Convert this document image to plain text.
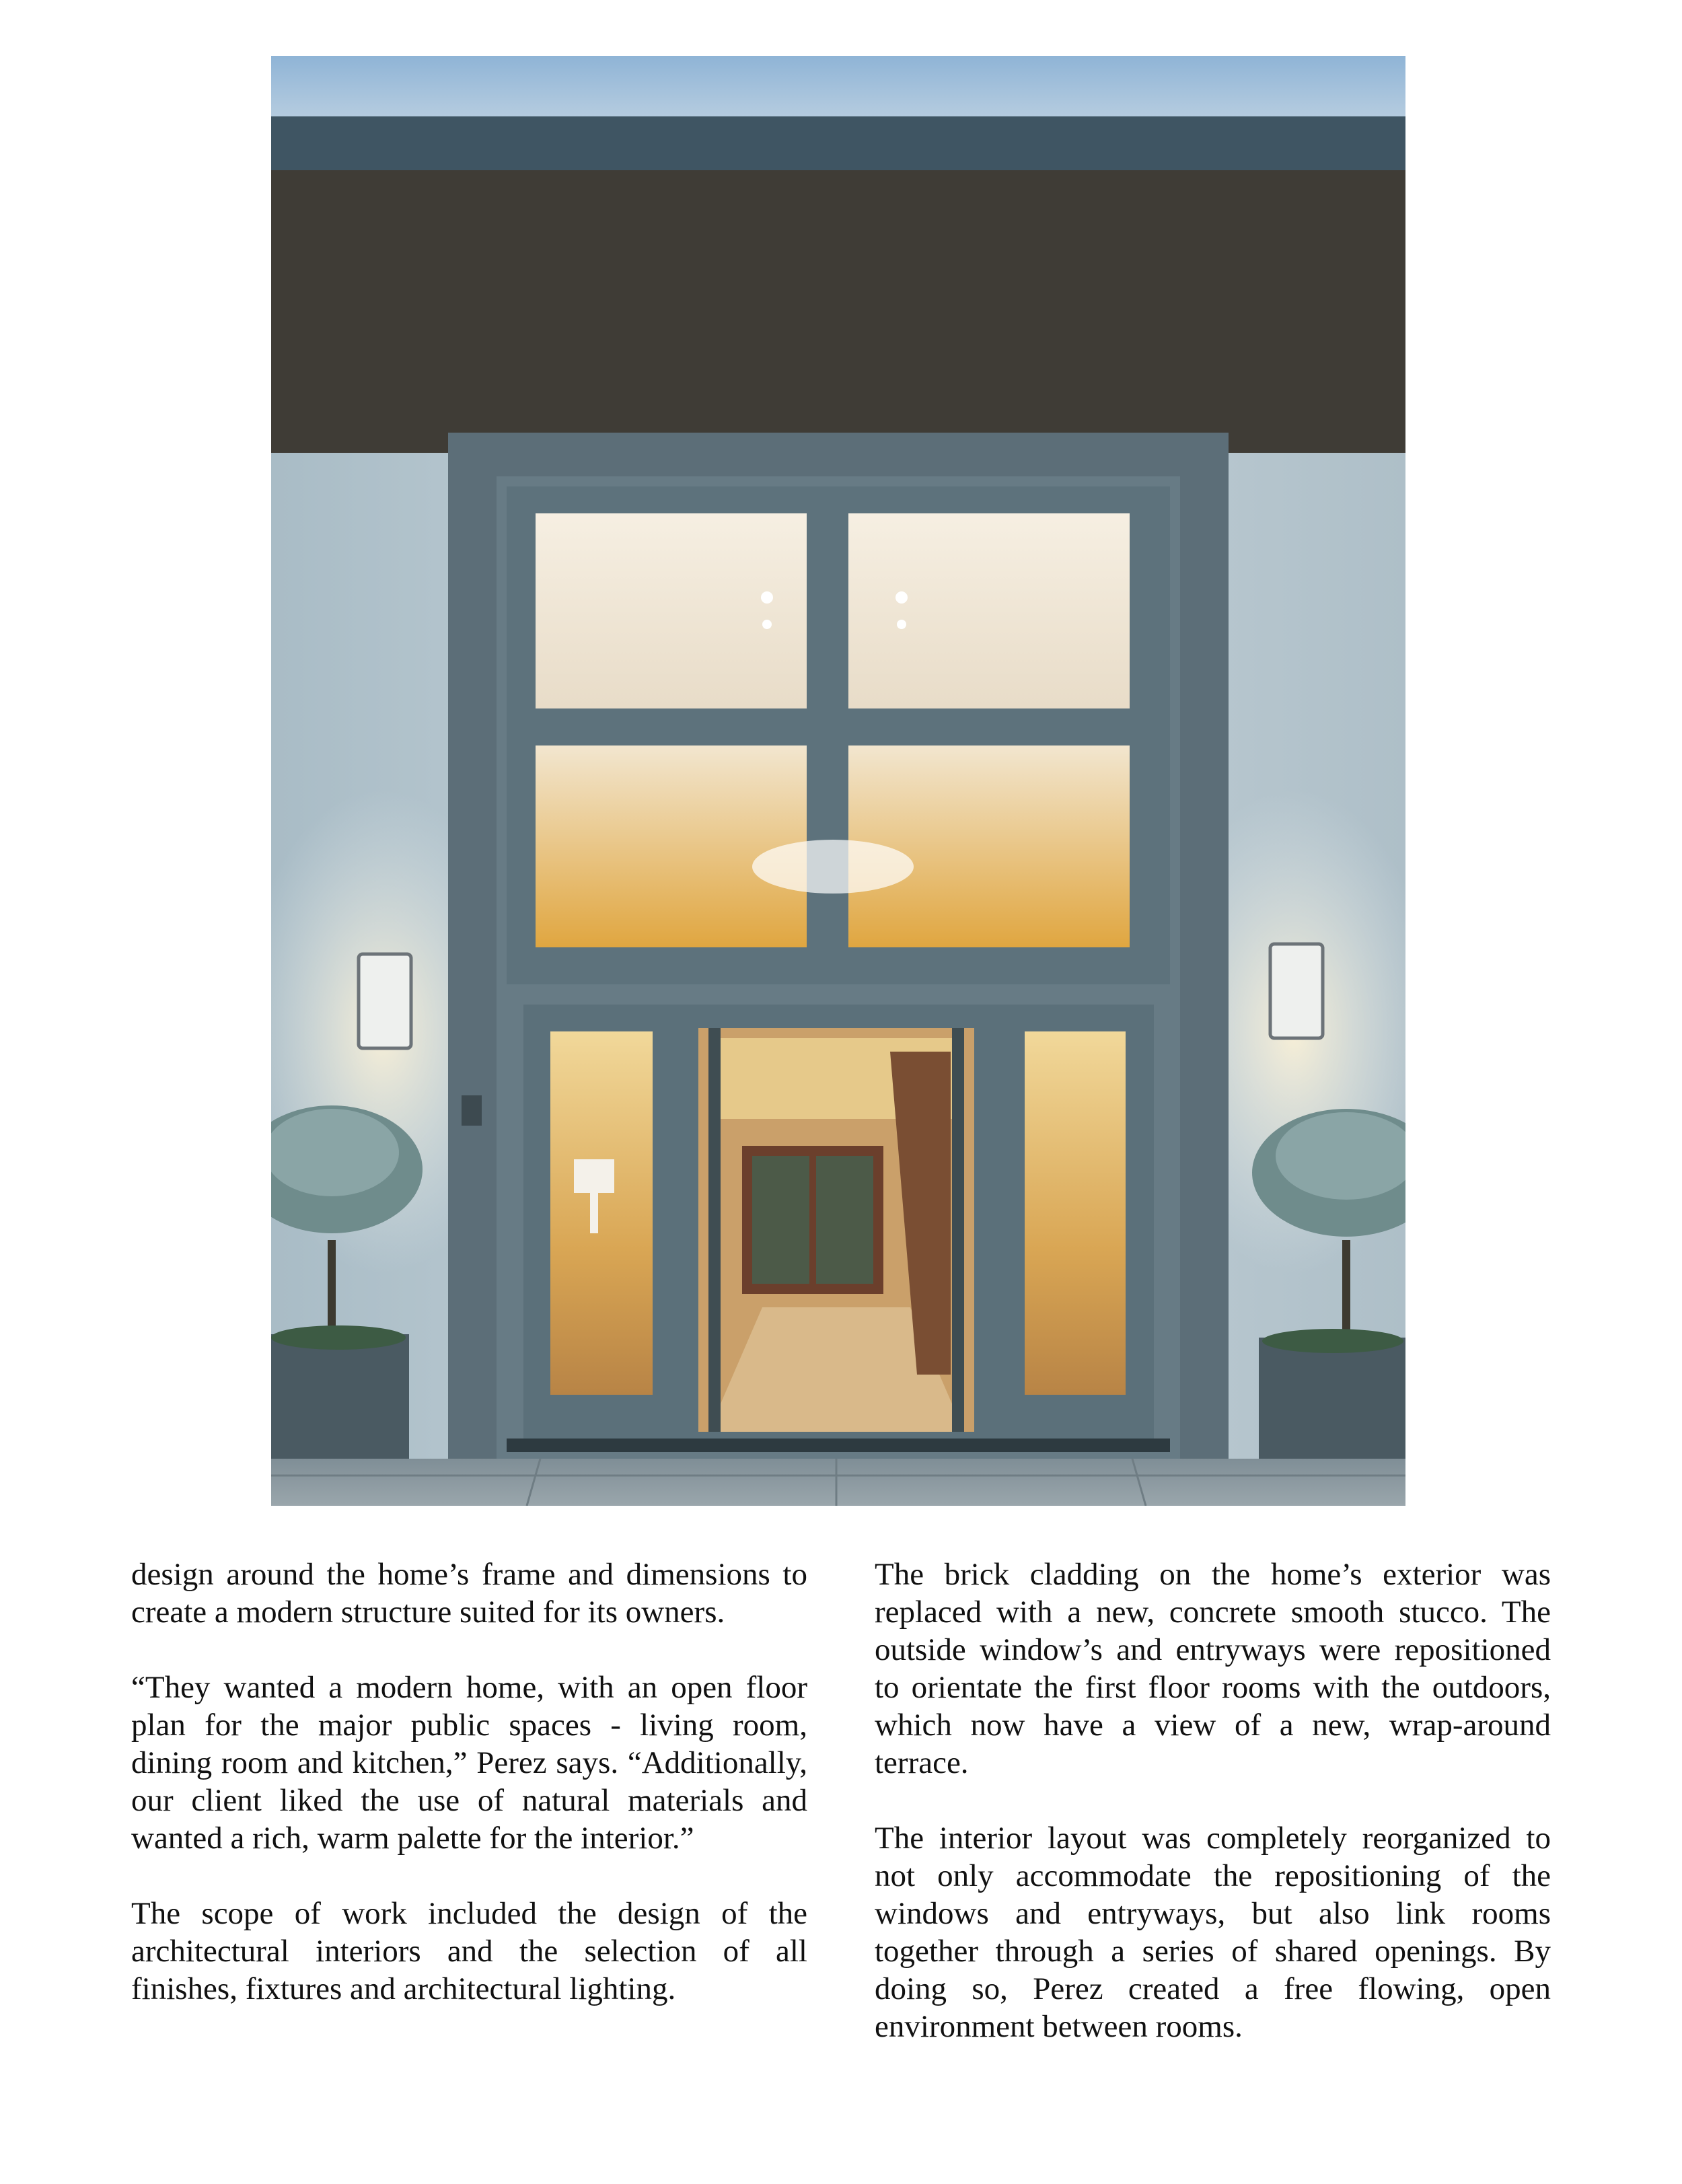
design around the home’s frame and dimensions to create a modern structure suited for its owners.

“They wanted a modern home, with an open floor plan for the major public spaces - living room, dining room and kitchen,” Perez says. “Additionally, our client liked the use of natural materials and wanted a rich, warm palette for the interior.”

The scope of work included the design of the architectural interiors and the selection of all finishes, fixtures and architectural lighting.

The brick cladding on the home’s exterior was replaced with a new, concrete smooth stucco. The outside window’s and entryways were repositioned to orientate the first floor rooms with the outdoors, which now have a view of a new, wrap-around terrace.

The interior layout was completely reorganized to not only accommodate the repositioning of the windows and entryways, but also link rooms together through a series of shared openings. By doing so, Perez created a free flowing, open environment between rooms.
